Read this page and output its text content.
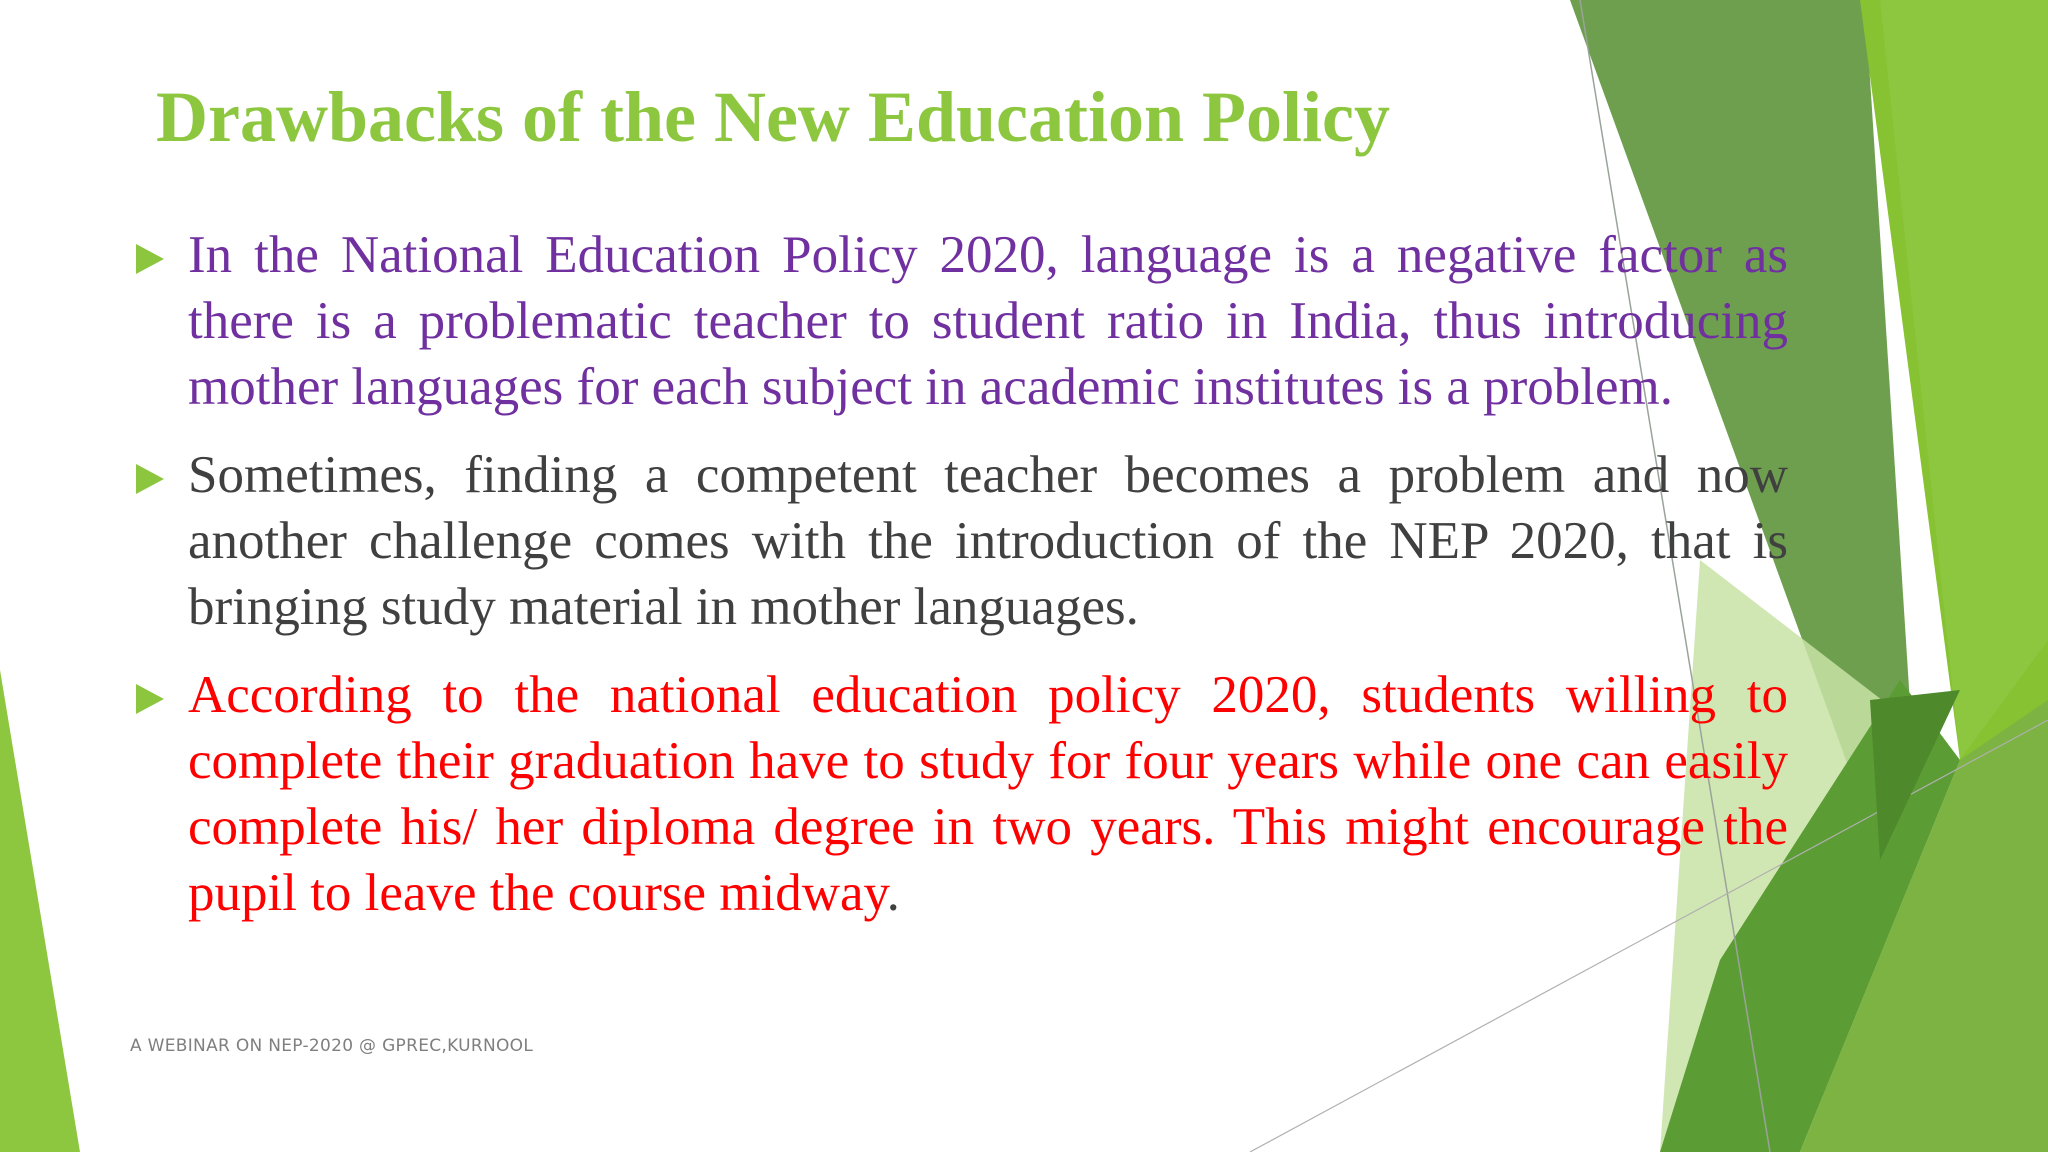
Drawbacks of the New Education Policy
In the National Education Policy 2020, language is a negative factor as there is a problematic teacher to student ratio in India, thus introducing mother languages for each subject in academic institutes is a problem.
Sometimes, finding a competent teacher becomes a problem and now another challenge comes with the introduction of the NEP 2020, that is bringing study material in mother languages.
According to the national education policy 2020, students willing to complete their graduation have to study for four years while one can easily complete his/ her diploma degree in two years. This might encourage the pupil to leave the course midway.
A WEBINAR ON NEP-2020 @ GPREC,KURNOOL
